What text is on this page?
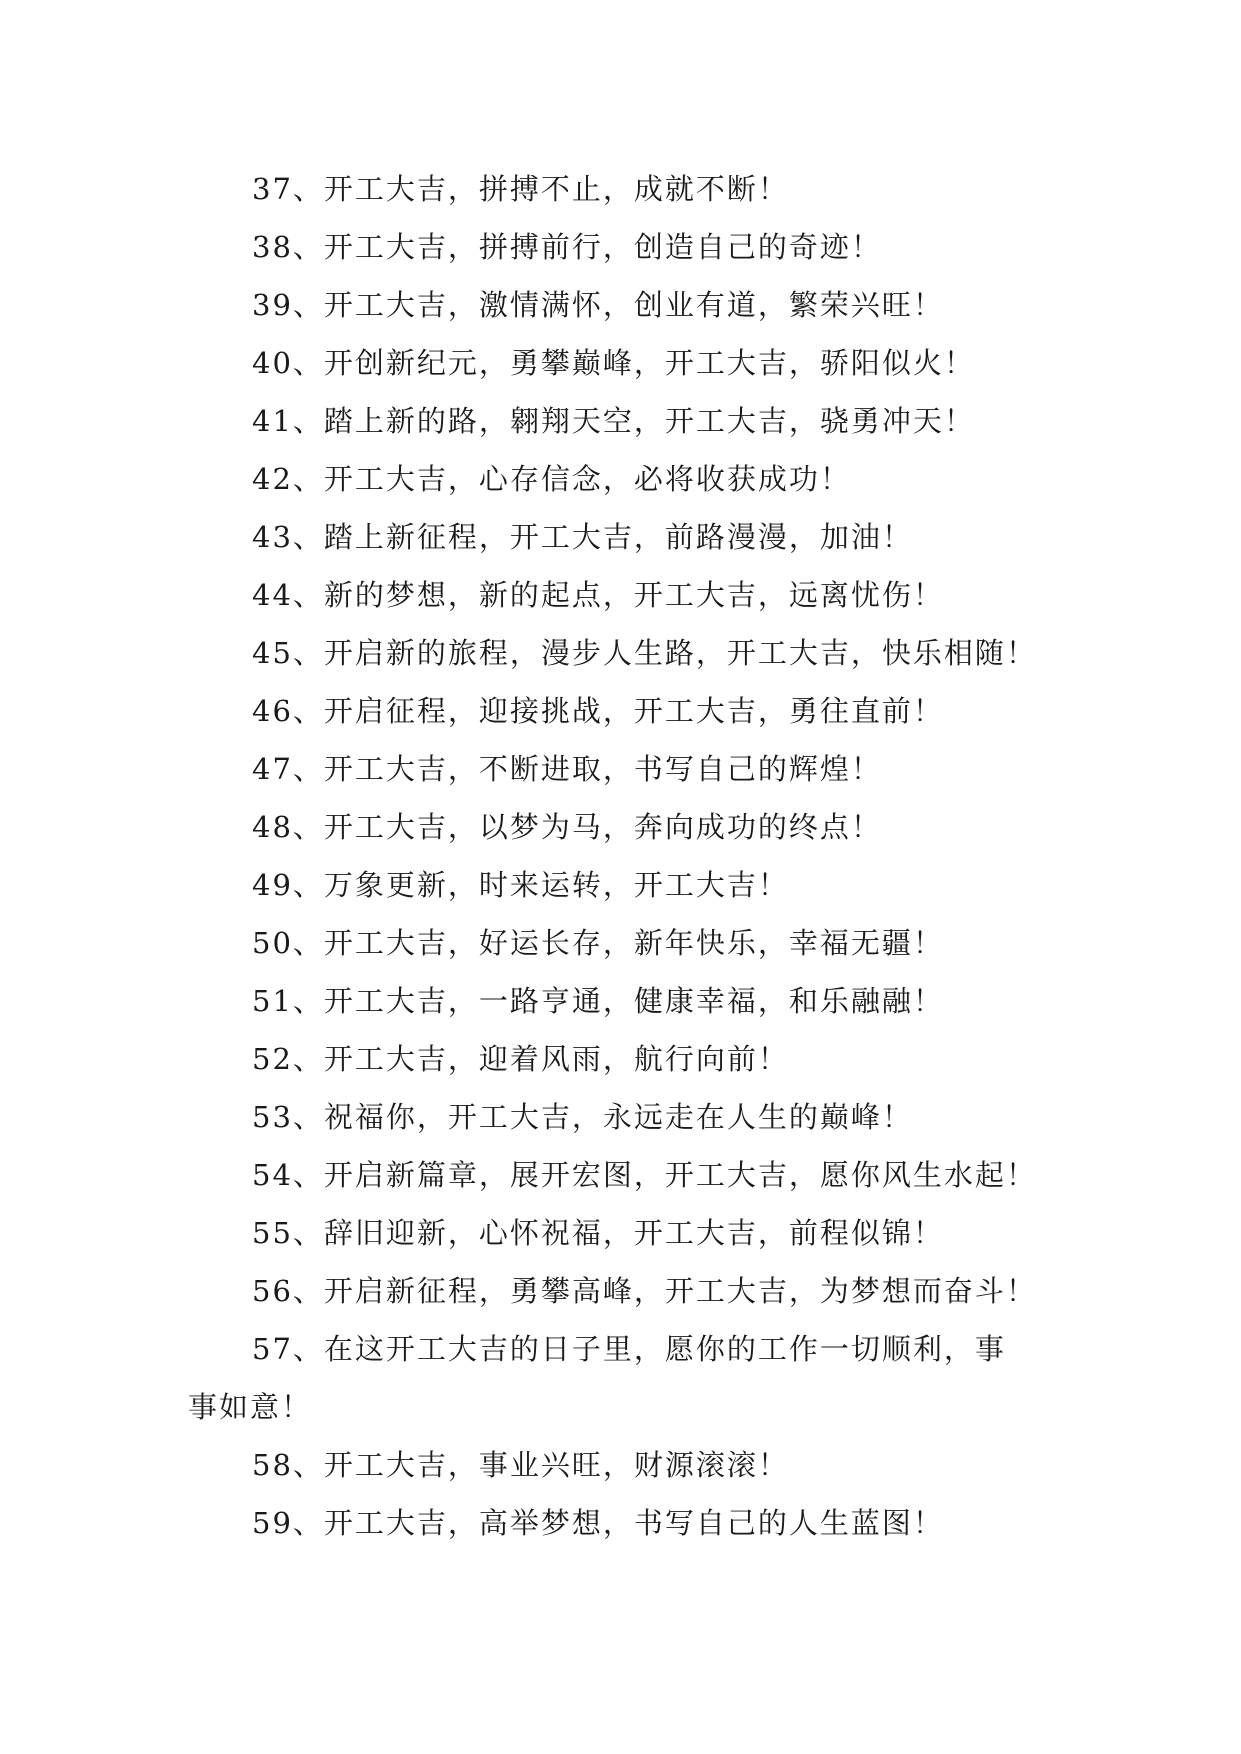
37、开工大吉，拼搏不止，成就不断！
38、开工大吉，拼搏前行，创造自己的奇迹！
39、开工大吉，激情满怀，创业有道，繁荣兴旺！
40、开创新纪元，勇攀巅峰，开工大吉，骄阳似火！
41、踏上新的路，翱翔天空，开工大吉，骁勇冲天！
42、开工大吉，心存信念，必将收获成功！
43、踏上新征程，开工大吉，前路漫漫，加油！
44、新的梦想，新的起点，开工大吉，远离忧伤！
45、开启新的旅程，漫步人生路，开工大吉，快乐相随！
46、开启征程，迎接挑战，开工大吉，勇往直前！
47、开工大吉，不断进取，书写自己的辉煌！
48、开工大吉，以梦为马，奔向成功的终点！
49、万象更新，时来运转，开工大吉！
50、开工大吉，好运长存，新年快乐，幸福无疆！
51、开工大吉，一路亨通，健康幸福，和乐融融！
52、开工大吉，迎着风雨，航行向前！
53、祝福你，开工大吉，永远走在人生的巅峰！
54、开启新篇章，展开宏图，开工大吉，愿你风生水起！
55、辞旧迎新，心怀祝福，开工大吉，前程似锦！
56、开启新征程，勇攀高峰，开工大吉，为梦想而奋斗！
57、在这开工大吉的日子里，愿你的工作一切顺利，事
事如意！
58、开工大吉，事业兴旺，财源滚滚！
59、开工大吉，高举梦想，书写自己的人生蓝图！
